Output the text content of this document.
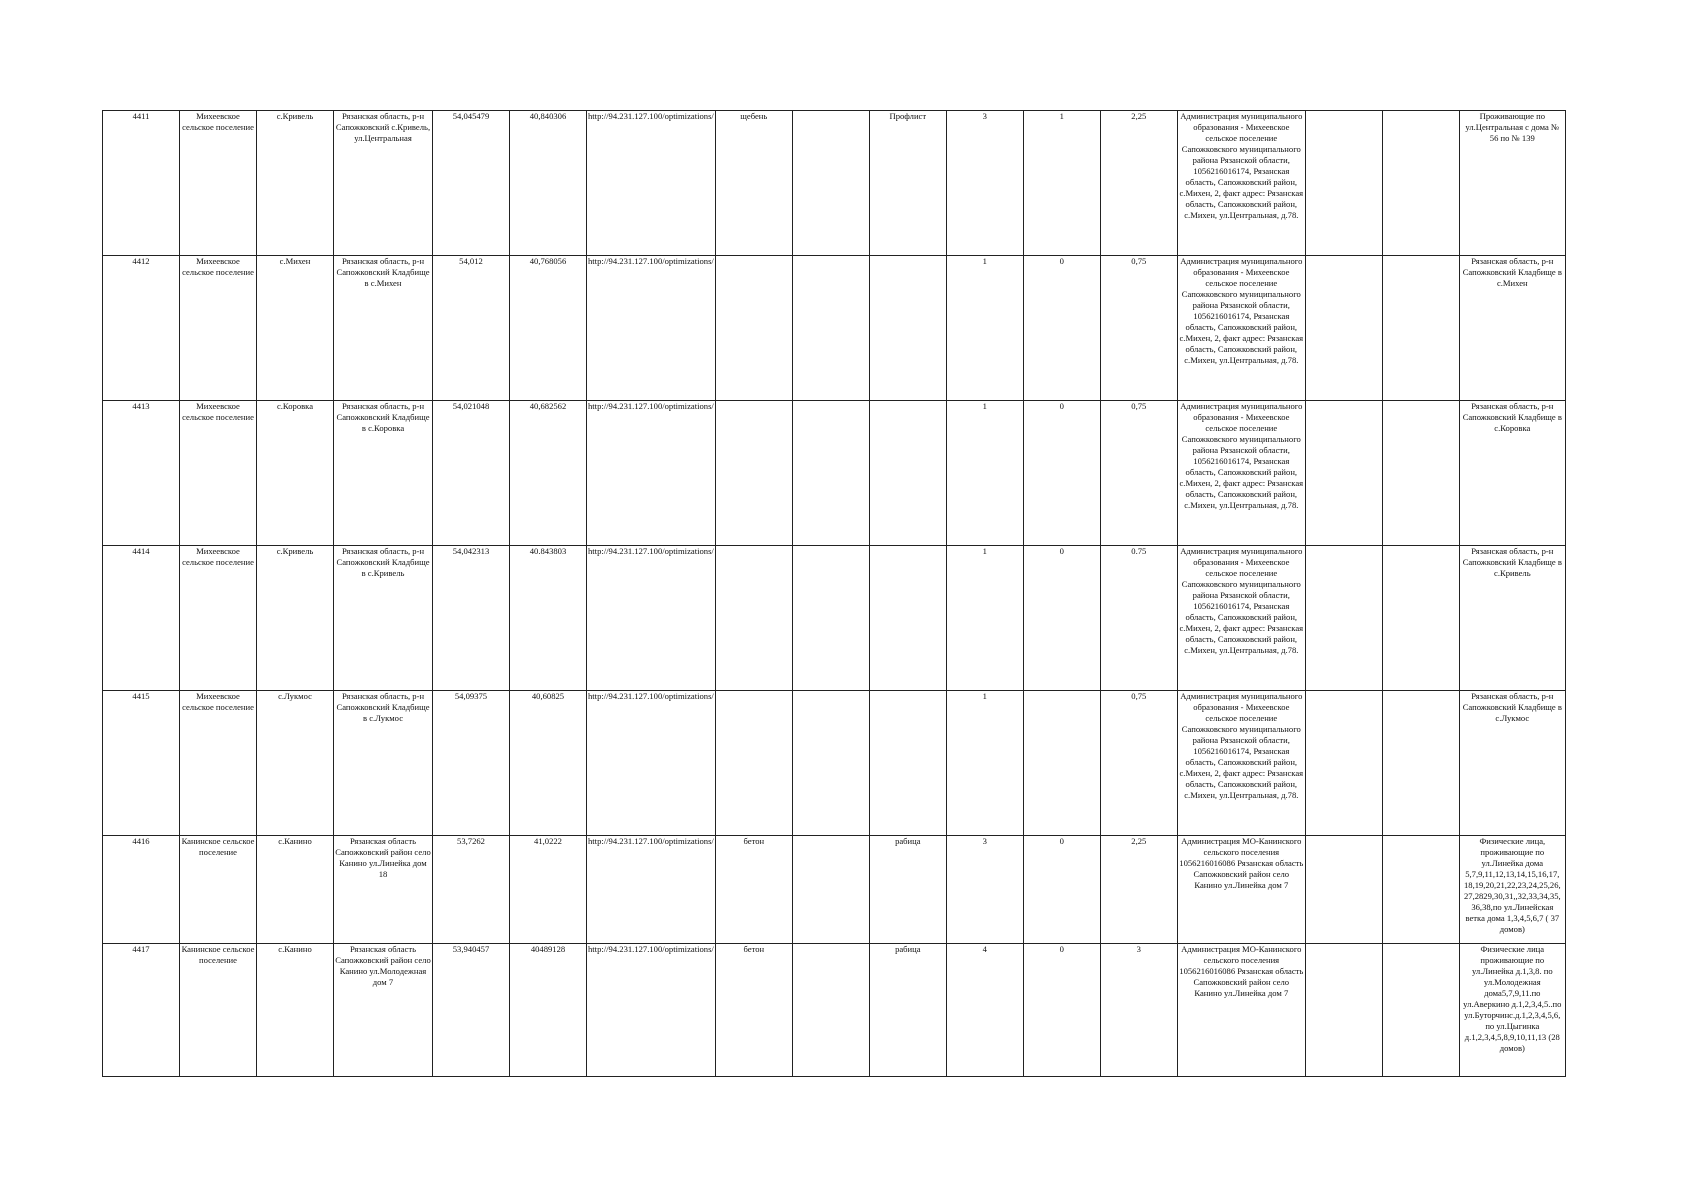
4411	Михеевское сельское поселение	с.Кривель	Рязанская область, р-н Сапожковский с.Кривель, ул.Центральная	54,045479	40,840306	http://94.231.127.100/optimizations/	щебень		Профлист	3	1	2,25	Администрация муниципального образования - Михеевское сельское поселение Сапожковского муниципального района Рязанской области, 1056216016174, Рязанская область, Сапожковский район, с.Михен, 2, факт адрес: Рязанская область, Сапожковский район, с.Михен, ул.Центральная, д.78.			Проживающие по ул.Центральная с дома № 56 по № 139
4412	Михеевское сельское поселение	с.Михен	Рязанская область, р-н Сапожковский Кладбище в с.Михен	54,012	40,768056	http://94.231.127.100/optimizations/				1	0	0,75	Администрация муниципального образования - Михеевское сельское поселение Сапожковского муниципального района Рязанской области, 1056216016174, Рязанская область, Сапожковский район, с.Михен, 2, факт адрес: Рязанская область, Сапожковский район, с.Михен, ул.Центральная, д.78.			Рязанская область, р-н Сапожковский Кладбище в с.Михен
4413	Михеевское сельское поселение	с.Коровка	Рязанская область, р-н Сапожковский Кладбище в с.Коровка	54,021048	40,682562	http://94.231.127.100/optimizations/				1	0	0,75	Администрация муниципального образования - Михеевское сельское поселение Сапожковского муниципального района Рязанской области, 1056216016174, Рязанская область, Сапожковский район, с.Михен, 2, факт адрес: Рязанская область, Сапожковский район, с.Михен, ул.Центральная, д.78.			Рязанская область, р-н Сапожковский Кладбище в с.Коровка
4414	Михеевское сельское поселение	с.Кривель	Рязанская область, р-н Сапожковский Кладбище в с.Кривель	54,042313	40.843803	http://94.231.127.100/optimizations/				1	0	0.75	Администрация муниципального образования - Михеевское сельское поселение Сапожковского муниципального района Рязанской области, 1056216016174, Рязанская область, Сапожковский район, с.Михен, 2, факт адрес: Рязанская область, Сапожковский район, с.Михен, ул.Центральная, д.78.			Рязанская область, р-н Сапожковский Кладбище в с.Кривель
4415	Михеевское сельское поселение	с.Лукмос	Рязанская область, р-н Сапожковский Кладбище в с.Лукмос	54,09375	40,60825	http://94.231.127.100/optimizations/				1		0,75	Администрация муниципального образования - Михеевское сельское поселение Сапожковского муниципального района Рязанской области, 1056216016174, Рязанская область, Сапожковский район, с.Михен, 2, факт адрес: Рязанская область, Сапожковский район, с.Михен, ул.Центральная, д.78.			Рязанская область, р-н Сапожковский Кладбище в с.Лукмос
4416	Канинское сельское поселение	с.Канино	Рязанская область Сапожковский район село Канино ул.Линейка дом 18	53,7262	41,0222	http://94.231.127.100/optimizations/	бетон		рабица	3	0	2,25	Администрация МО-Канинского сельского поселения 1056216016086 Рязанская область Сапожковский район село Канино ул.Линейка дом 7			Физические лица, проживающие по ул.Линейка дома 5,7,9,11,12,13,14,15,16,17, 18,19,20,21,22,23,24,25,26, 27,2829,30,31,,32,33,34,35, 36,38,по ул.Линейская ветка дома 1,3,4,5,6,7 ( 37 домов)
4417	Канинское сельское поселение	с.Канино	Рязанская область Сапожковский район село Канино ул.Молодежная дом 7	53,940457	40489128	http://94.231.127.100/optimizations/	бетон		рабица	4	0	3	Администрация МО-Канинского сельского поселения 1056216016086 Рязанская область Сапожковский район село Канино ул.Линейка дом 7			Физические лица проживающие по ул.Линейка д.1,3,8. по ул.Молодежная дома5,7,9,11.по ул.Аверкино д.1,2,3,4,5..по ул.Буторчинс.д.1,2,3,4,5,6, по ул.Цыгинка д.1,2,3,4,5,8,9,10,11,13 (28 домов)
